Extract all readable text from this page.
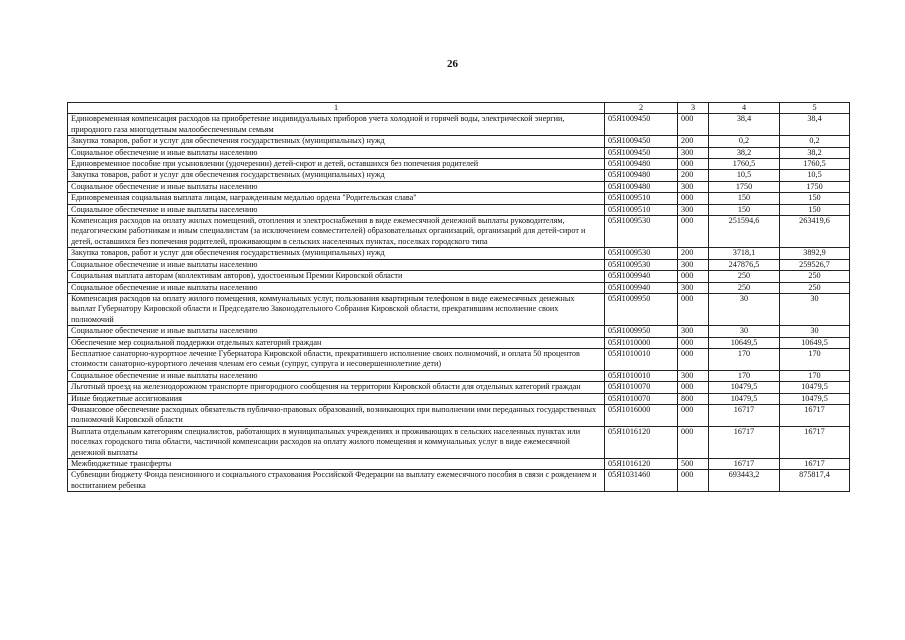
26
1	2	3	4	5
Единовременная компенсация расходов на приобретение индивидуальных приборов учета холодной и горячей воды, электрической энергии, природного газа многодетным малообеспеченным семьям	05Я1009450	000	38,4	38,4
Закупка товаров, работ и услуг для обеспечения государственных (муниципальных) нужд	05Я1009450	200	0,2	0,2
Социальное обеспечение и иные выплаты населению	05Я1009450	300	38,2	38,2
Единовременное пособие при усыновлении (удочерении) детей-сирот и детей, оставшихся без попечения родителей	05Я1009480	000	1760,5	1760,5
Закупка товаров, работ и услуг для обеспечения государственных (муниципальных) нужд	05Я1009480	200	10,5	10,5
Социальное обеспечение и иные выплаты населению	05Я1009480	300	1750	1750
Единовременная социальная выплата лицам, награжденным медалью ордена "Родительская слава"	05Я1009510	000	150	150
Социальное обеспечение и иные выплаты населению	05Я1009510	300	150	150
Компенсация расходов на оплату жилых помещений, отопления и электроснабжения в виде ежемесячной денежной выплаты руководителям, педагогическим работникам и иным специалистам (за исключением совместителей) образовательных организаций, организаций для детей-сирот и детей, оставшихся без попечения родителей, проживающим в сельских населенных пунктах, поселках городского типа	05Я1009530	000	251594,6	263419,6
Закупка товаров, работ и услуг для обеспечения государственных (муниципальных) нужд	05Я1009530	200	3718,1	3892,9
Социальное обеспечение и иные выплаты населению	05Я1009530	300	247876,5	259526,7
Социальная выплата авторам (коллективам авторов), удостоенным Премии Кировской области	05Я1009940	000	250	250
Социальное обеспечение и иные выплаты населению	05Я1009940	300	250	250
Компенсация расходов на оплату жилого помещения, коммунальных услуг, пользования квартирным телефоном в виде ежемесячных денежных выплат Губернатору Кировской области и Председателю Законодательного Собрания Кировской области, прекратившим исполнение своих полномочий	05Я1009950	000	30	30
Социальное обеспечение и иные выплаты населению	05Я1009950	300	30	30
Обеспечение мер социальной поддержки отдельных категорий граждан	05Я1010000	000	10649,5	10649,5
Бесплатное санаторно-курортное лечение Губернатора Кировской области, прекратившего исполнение своих полномочий, и оплата 50 процентов стоимости санаторно-курортного лечения членам его семьи (супруг, супруга и несовершеннолетние дети)	05Я1010010	000	170	170
Социальное обеспечение и иные выплаты населению	05Я1010010	300	170	170
Льготный проезд на железнодорожном транспорте пригородного сообщения на территории Кировской области для отдельных категорий граждан	05Я1010070	000	10479,5	10479,5
Иные бюджетные ассигнования	05Я1010070	800	10479,5	10479,5
Финансовое обеспечение расходных обязательств публично-правовых образований, возникающих при выполнении ими переданных государственных полномочий Кировской области	05Я1016000	000	16717	16717
Выплата отдельным категориям специалистов, работающих в муниципальных учреждениях и проживающих в сельских населенных пунктах или поселках городского типа области, частичной компенсации расходов на оплату жилого помещения и коммунальных услуг в виде ежемесячной денежной выплаты	05Я1016120	000	16717	16717
Межбюджетные трансферты	05Я1016120	500	16717	16717
Субвенции бюджету Фонда пенсионного и социального страхования Российской Федерации на выплату ежемесячного пособия в связи с рождением и воспитанием ребенка	05Я1031460	000	693443,2	875817,4
